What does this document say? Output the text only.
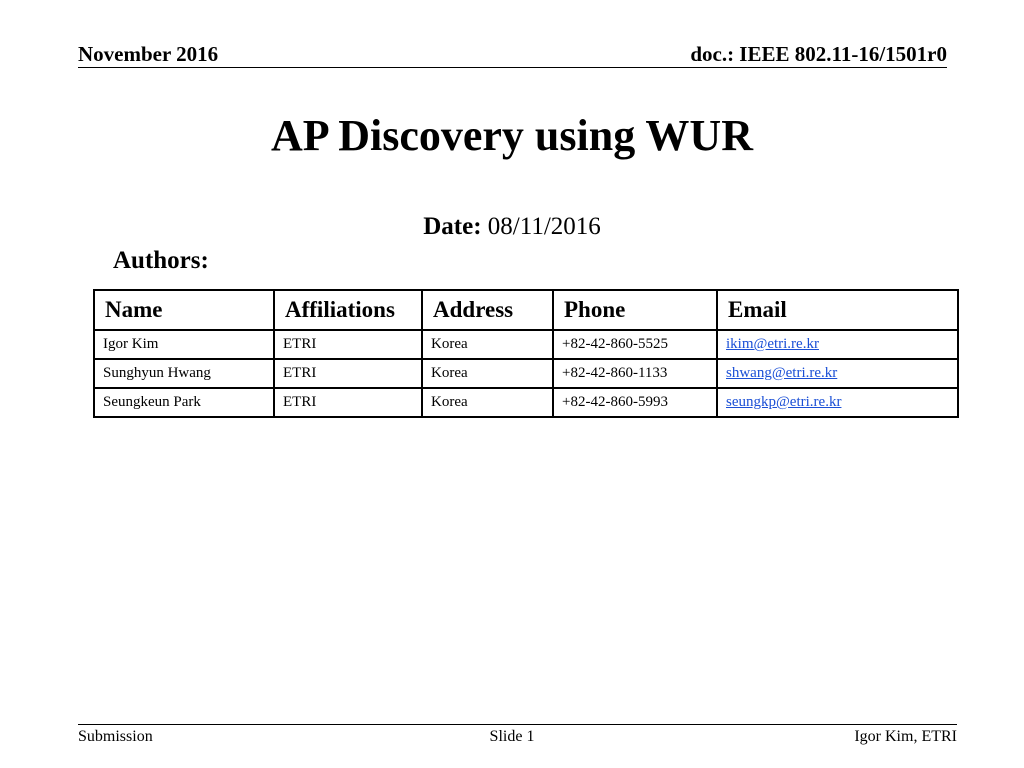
November 2016	doc.: IEEE 802.11-16/1501r0
AP Discovery using WUR
Date: 08/11/2016
Authors:
Name	Affiliations	Address	Phone	Email
Igor Kim	ETRI	Korea	+82-42-860-5525	ikim@etri.re.kr
Sunghyun Hwang	ETRI	Korea	+82-42-860-1133	shwang@etri.re.kr
Seungkeun Park	ETRI	Korea	+82-42-860-5993	seungkp@etri.re.kr
Submission	Slide 1	Igor Kim, ETRI
